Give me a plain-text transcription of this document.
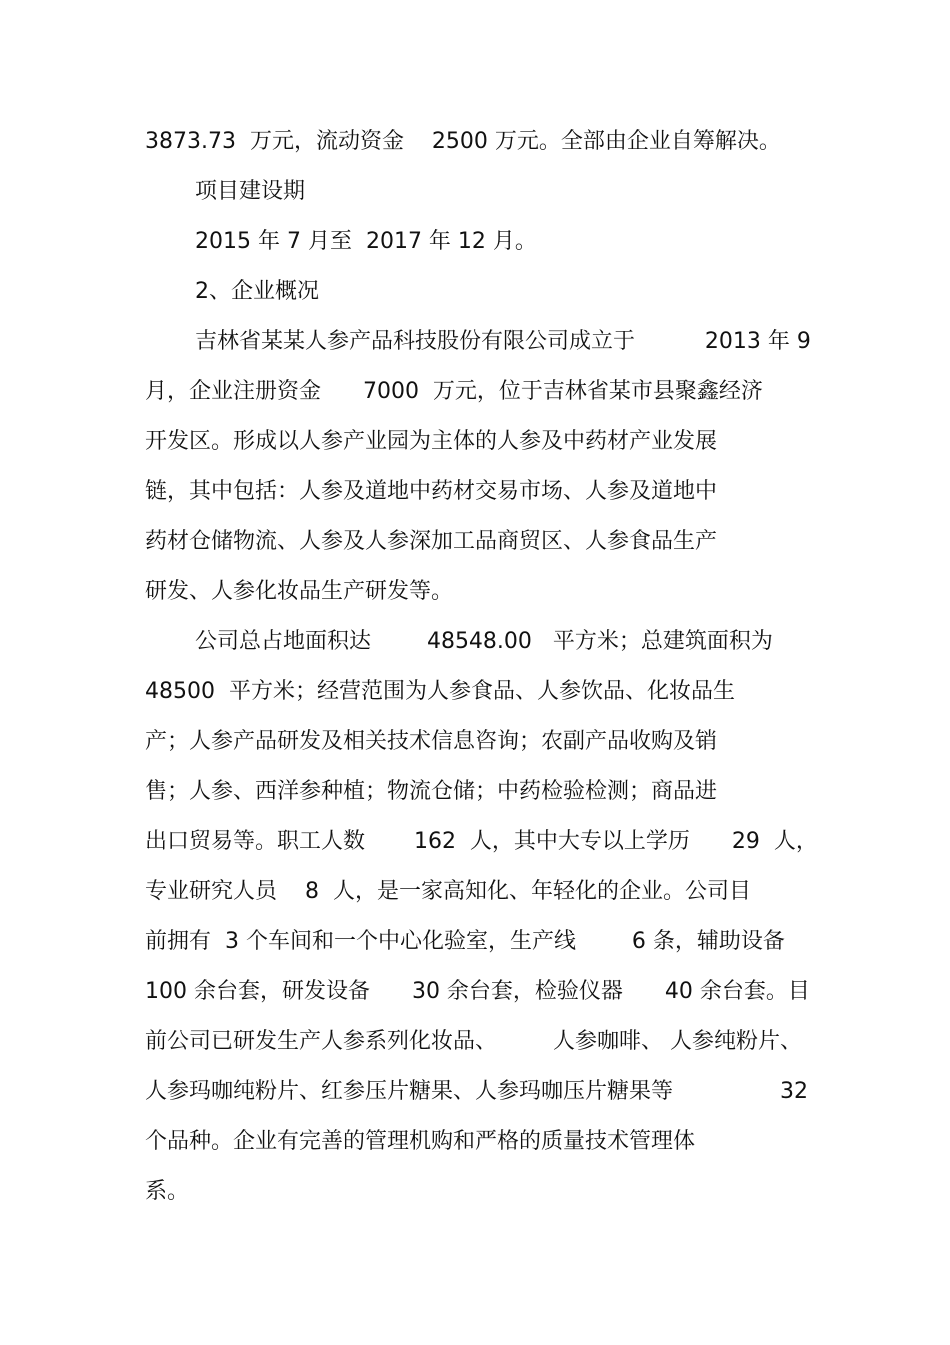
3873.73  万元，流动资金    2500 万元。全部由企业自筹解决。
项目建设期
2015 年 7 月至  2017 年 12 月。
2、企业概况
吉林省某某人参产品科技股份有限公司成立于          2013 年 9
月，企业注册资金      7000  万元，位于吉林省某市县聚鑫经济
开发区。形成以人参产业园为主体的人参及中药材产业发展
链，其中包括：人参及道地中药材交易市场、人参及道地中
药材仓储物流、人参及人参深加工品商贸区、人参食品生产
研发、人参化妆品生产研发等。
公司总占地面积达        48548.00   平方米；总建筑面积为
48500  平方米；经营范围为人参食品、人参饮品、化妆品生
产；人参产品研发及相关技术信息咨询；农副产品收购及销
售；人参、西洋参种植；物流仓储；中药检验检测；商品进
出口贸易等。职工人数       162  人，其中大专以上学历      29  人，
专业研究人员    8  人，是一家高知化、年轻化的企业。公司目
前拥有  3 个车间和一个中心化验室，生产线        6 条，辅助设备
100 余台套，研发设备      30 余台套，检验仪器      40 余台套。目
前公司已研发生产人参系列化妆品、        人参咖啡、 人参纯粉片、
人参玛咖纯粉片、红参压片糖果、人参玛咖压片糖果等	32
个品种。企业有完善的管理机购和严格的质量技术管理体
系。
